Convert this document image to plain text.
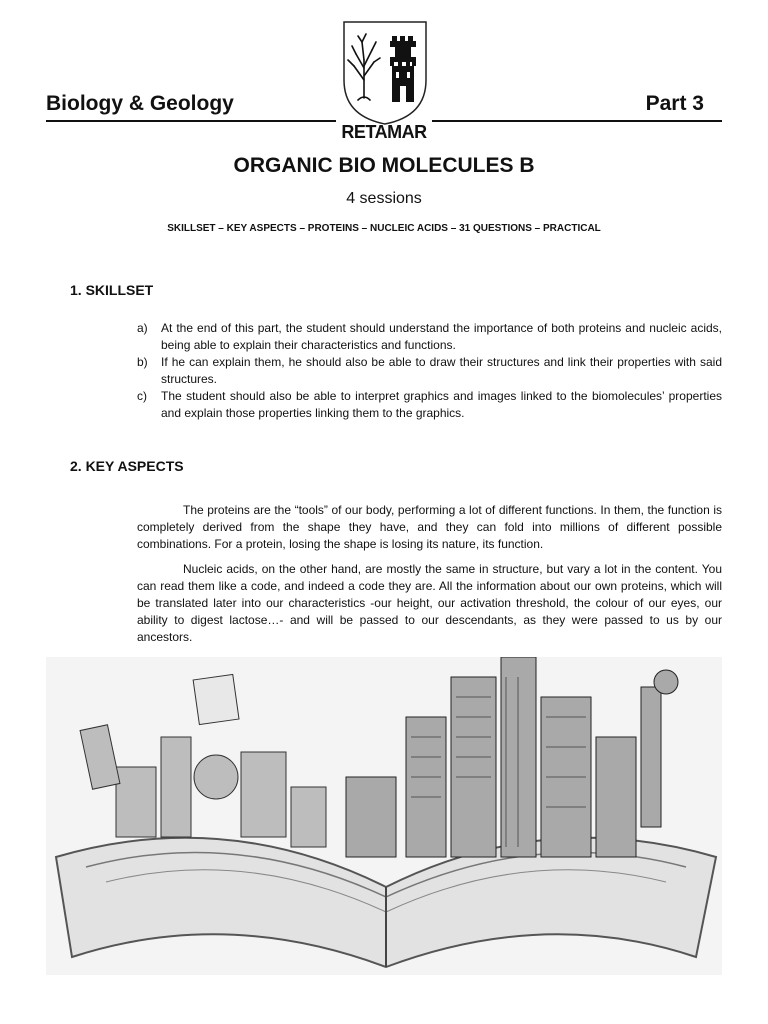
Biology & Geology	Part 3
RETAMAR
ORGANIC BIO MOLECULES B
4 sessions
SKILLSET – KEY ASPECTS – PROTEINS – NUCLEIC ACIDS – 31 QUESTIONS – PRACTICAL
1. SKILLSET
a)	At the end of this part, the student should understand the importance of both proteins and nucleic acids, being able to explain their characteristics and functions.
b)	If he can explain them, he should also be able to draw their structures and link their properties with said structures.
c)	The student should also be able to interpret graphics and images linked to the biomolecules’ properties and explain those properties linking them to the graphics.
2. KEY ASPECTS

The proteins are the “tools” of our body, performing a lot of different functions. In them, the function is completely derived from the shape they have, and they can fold into millions of different possible combinations. For a protein, losing the shape is losing its nature, its function.

Nucleic acids, on the other hand, are mostly the same in structure, but vary a lot in the content. You can read them like a code, and indeed a code they are. All the information about our own proteins, which will be translated later into our characteristics -our height, our activation threshold, the colour of our eyes, our ability to digest lactose…- and will be passed to our descendants, as they were passed to us by our ancestors.
